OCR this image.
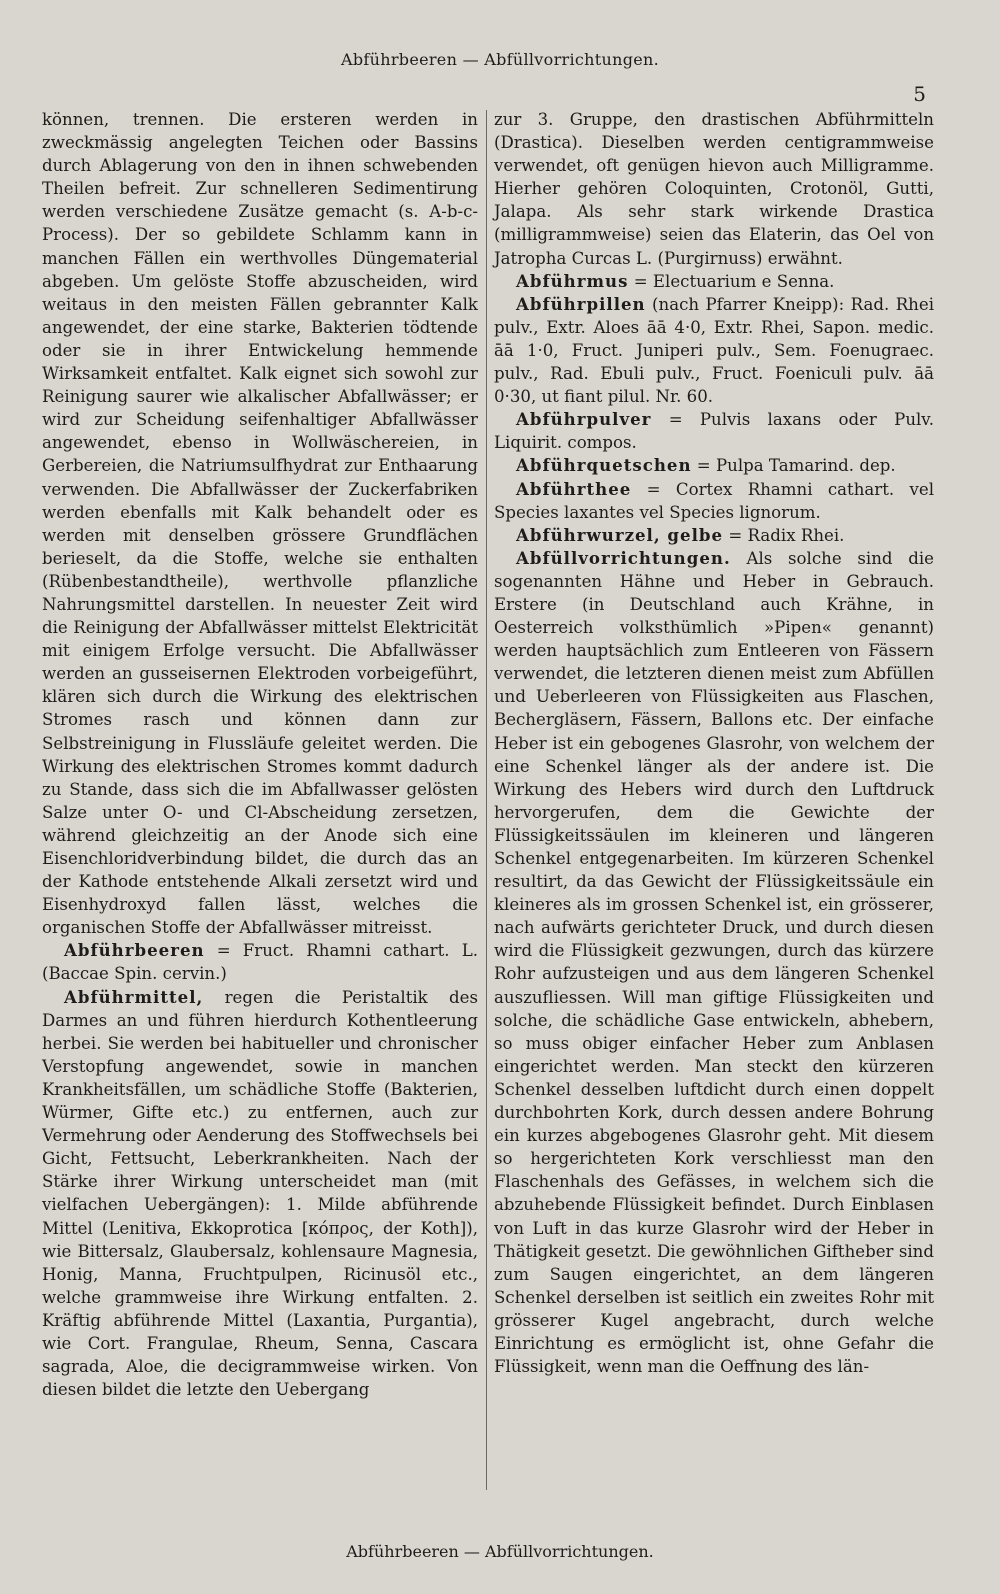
Abführbeeren — Abfüllvorrichtungen.
5

können, trennen. Die ersteren werden in zweckmässig angelegten Teichen oder Bassins durch Ablagerung von den in ihnen schwebenden Theilen befreit. Zur schnelleren Sedimentirung werden verschiedene Zusätze gemacht (s. A-b-c-Process). Der so gebildete Schlamm kann in manchen Fällen ein werthvolles Düngematerial abgeben. Um gelöste Stoffe abzuscheiden, wird weitaus in den meisten Fällen gebrannter Kalk angewendet, der eine starke, Bakterien tödtende oder sie in ihrer Entwickelung hemmende Wirksamkeit entfaltet. Kalk eignet sich sowohl zur Reinigung saurer wie alkalischer Abfallwässer; er wird zur Scheidung seifenhaltiger Abfallwässer angewendet, ebenso in Wollwäschereien, in Gerbereien, die Natriumsulfhydrat zur Enthaarung verwenden. Die Abfallwässer der Zuckerfabriken werden ebenfalls mit Kalk behandelt oder es werden mit denselben grössere Grundflächen berieselt, da die Stoffe, welche sie enthalten (Rübenbestandtheile), werthvolle pflanzliche Nahrungsmittel darstellen. In neuester Zeit wird die Reinigung der Abfallwässer mittelst Elektricität mit einigem Erfolge versucht. Die Abfallwässer werden an gusseisernen Elektroden vorbeigeführt, klären sich durch die Wirkung des elektrischen Stromes rasch und können dann zur Selbstreinigung in Flussläufe geleitet werden. Die Wirkung des elektrischen Stromes kommt dadurch zu Stande, dass sich die im Abfallwasser gelösten Salze unter O- und Cl-Abscheidung zersetzen, während gleichzeitig an der Anode sich eine Eisenchloridverbindung bildet, die durch das an der Kathode entstehende Alkali zersetzt wird und Eisenhydroxyd fallen lässt, welches die organischen Stoffe der Abfallwässer mitreisst.

Abführbeeren = Fruct. Rhamni cathart. L. (Baccae Spin. cervin.)

Abführmittel, regen die Peristaltik des Darmes an und führen hierdurch Kothentleerung herbei. Sie werden bei habitueller und chronischer Verstopfung angewendet, sowie in manchen Krankheitsfällen, um schädliche Stoffe (Bakterien, Würmer, Gifte etc.) zu entfernen, auch zur Vermehrung oder Aenderung des Stoffwechsels bei Gicht, Fettsucht, Leberkrankheiten. Nach der Stärke ihrer Wirkung unterscheidet man (mit vielfachen Uebergängen): 1. Milde abführende Mittel (Lenitiva, Ekkoprotica [κόπρος, der Koth]), wie Bittersalz, Glaubersalz, kohlensaure Magnesia, Honig, Manna, Fruchtpulpen, Ricinusöl etc., welche grammweise ihre Wirkung entfalten. 2. Kräftig abführende Mittel (Laxantia, Purgantia), wie Cort. Frangulae, Rheum, Senna, Cascara sagrada, Aloe, die decigrammweise wirken. Von diesen bildet die letzte den Uebergang

zur 3. Gruppe, den drastischen Abführmitteln (Drastica). Dieselben werden centigrammweise verwendet, oft genügen hievon auch Milligramme. Hierher gehören Coloquinten, Crotonöl, Gutti, Jalapa. Als sehr stark wirkende Drastica (milligrammweise) seien das Elaterin, das Oel von Jatropha Curcas L. (Purgirnuss) erwähnt.

Abführmus = Electuarium e Senna.

Abführpillen (nach Pfarrer Kneipp): Rad. Rhei pulv., Extr. Aloes āā 4·0, Extr. Rhei, Sapon. medic. āā 1·0, Fruct. Juniperi pulv., Sem. Foenugraec. pulv., Rad. Ebuli pulv., Fruct. Foeniculi pulv. āā 0·30, ut fiant pilul. Nr. 60.

Abführpulver = Pulvis laxans oder Pulv. Liquirit. compos.

Abführquetschen = Pulpa Tamarind. dep.

Abführthee = Cortex Rhamni cathart. vel Species laxantes vel Species lignorum.

Abführwurzel, gelbe = Radix Rhei.

Abfüllvorrichtungen. Als solche sind die sogenannten Hähne und Heber in Gebrauch. Erstere (in Deutschland auch Krähne, in Oesterreich volksthümlich »Pipen« genannt) werden hauptsächlich zum Entleeren von Fässern verwendet, die letzteren dienen meist zum Abfüllen und Ueberleeren von Flüssigkeiten aus Flaschen, Bechergläsern, Fässern, Ballons etc. Der einfache Heber ist ein gebogenes Glasrohr, von welchem der eine Schenkel länger als der andere ist. Die Wirkung des Hebers wird durch den Luftdruck hervorgerufen, dem die Gewichte der Flüssigkeitssäulen im kleineren und längeren Schenkel entgegenarbeiten. Im kürzeren Schenkel resultirt, da das Gewicht der Flüssigkeitssäule ein kleineres als im grossen Schenkel ist, ein grösserer, nach aufwärts gerichteter Druck, und durch diesen wird die Flüssigkeit gezwungen, durch das kürzere Rohr aufzusteigen und aus dem längeren Schenkel auszufliessen. Will man giftige Flüssigkeiten und solche, die schädliche Gase entwickeln, abhebern, so muss obiger einfacher Heber zum Anblasen eingerichtet werden. Man steckt den kürzeren Schenkel desselben luftdicht durch einen doppelt durchbohrten Kork, durch dessen andere Bohrung ein kurzes abgebogenes Glasrohr geht. Mit diesem so hergerichteten Kork verschliesst man den Flaschenhals des Gefässes, in welchem sich die abzuhebende Flüssigkeit befindet. Durch Einblasen von Luft in das kurze Glasrohr wird der Heber in Thätigkeit gesetzt. Die gewöhnlichen Giftheber sind zum Saugen eingerichtet, an dem längeren Schenkel derselben ist seitlich ein zweites Rohr mit grösserer Kugel angebracht, durch welche Einrichtung es ermöglicht ist, ohne Gefahr die Flüssigkeit, wenn man die Oeffnung des län-

Abführbeeren — Abfüllvorrichtungen.
